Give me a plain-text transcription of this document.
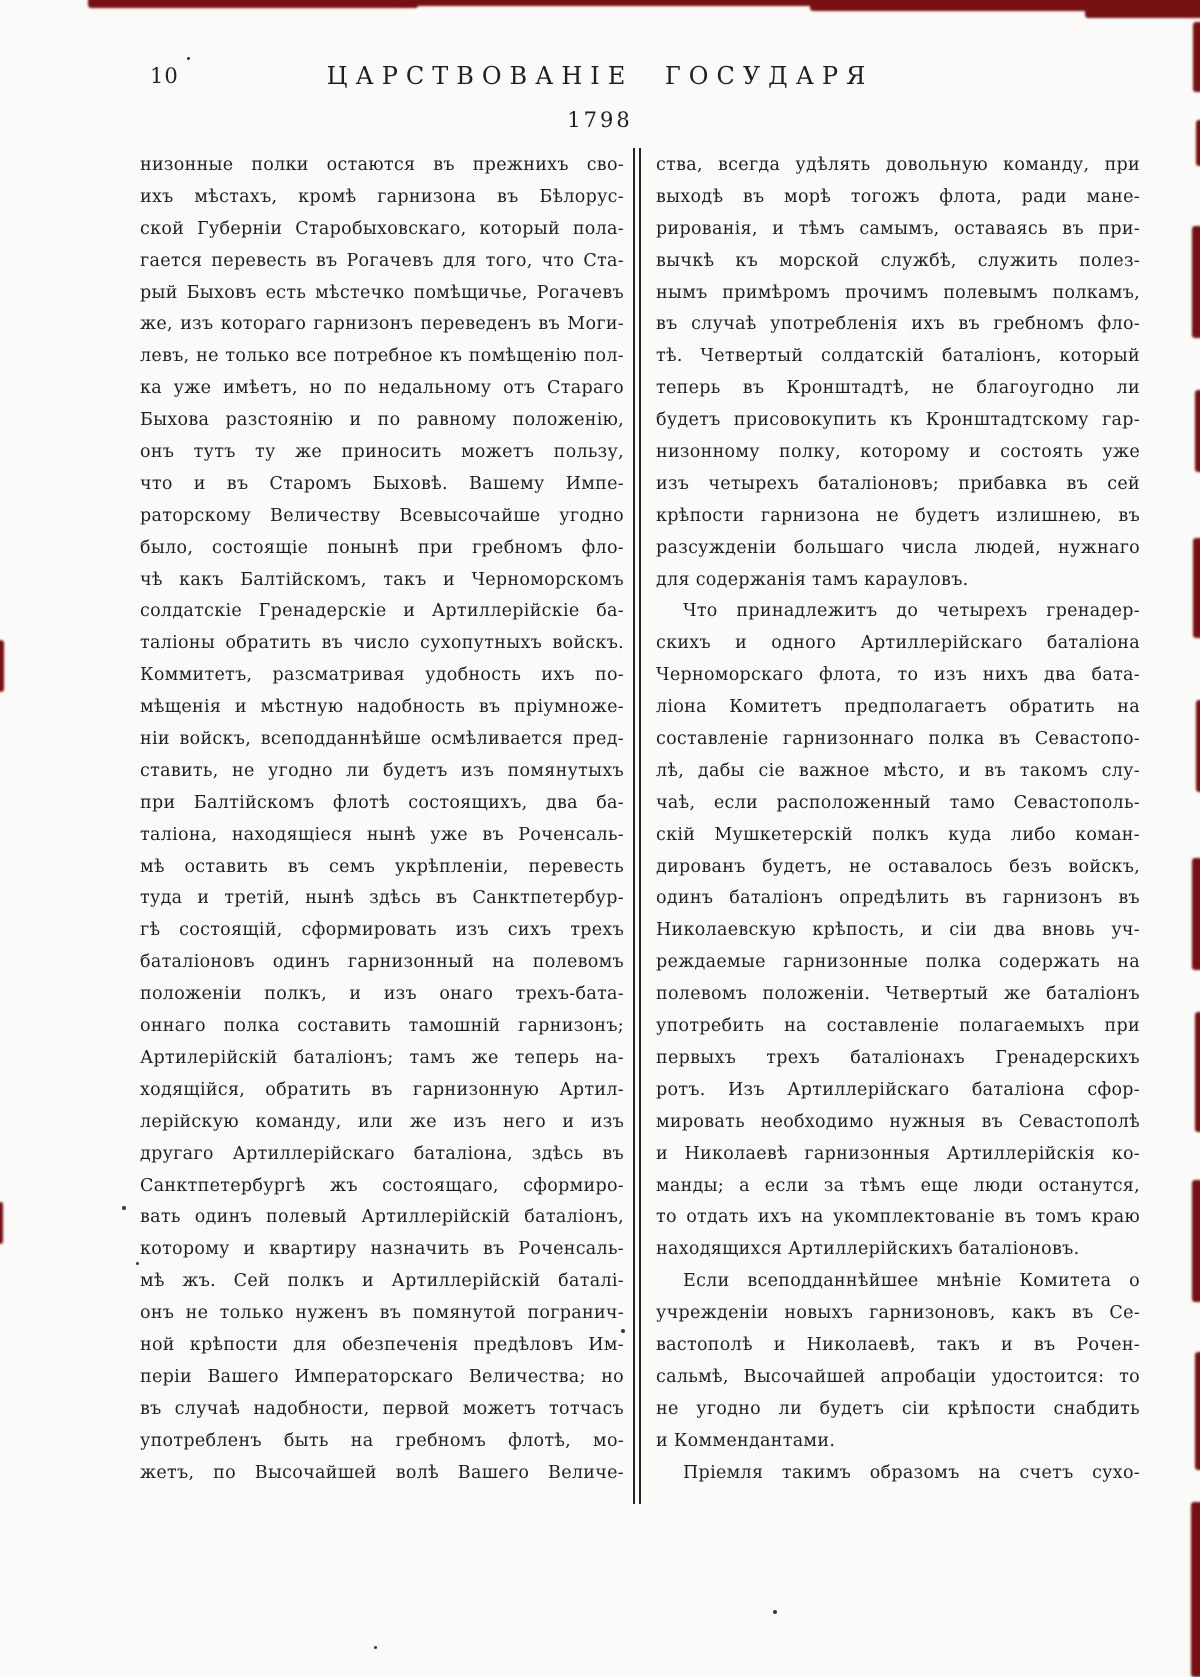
10	ЦАРСТВОВАНІЕ ГОСУДАРЯ
1798
низонные полки остаются въ прежнихъ сво-
ихъ мѣстахъ, кромѣ гарнизона въ Бѣлорус-
ской Губерніи Старобыховскаго, который пола-
гается перевесть въ Рогачевъ для того, что Ста-
рый Быховъ есть мѣстечко помѣщичье, Рогачевъ
же, изъ котораго гарнизонъ переведенъ въ Моги-
левъ, не только все потребное къ помѣщенію пол-
ка уже имѣетъ, но по недальному отъ Стараго
Быхова разстоянію и по равному положенію,
онъ тутъ ту же приносить можетъ пользу,
что и въ Старомъ Быховѣ. Вашему Импе-
раторскому Величеству Всевысочайше угодно
было, состоящіе понынѣ при гребномъ фло-
чѣ какъ Балтійскомъ, такъ и Черноморскомъ
солдатскіе Гренадерскіе и Артиллерійскіе ба-
таліоны обратить въ число сухопутныхъ войскъ.
Коммитетъ, разсматривая удобность ихъ по-
мѣщенія и мѣстную надобность въ пріумноже-
ніи войскъ, всеподданнѣйше осмѣливается пред-
ставить, не угодно ли будетъ изъ помянутыхъ
при Балтійскомъ флотѣ состоящихъ, два ба-
таліона, находящіеся нынѣ уже въ Роченсаль-
мѣ оставить въ семъ укрѣпленіи, перевесть
туда и третій, нынѣ здѣсь въ Санктпетербур-
гѣ состоящій, сформировать изъ сихъ трехъ
баталіоновъ одинъ гарнизонный на полевомъ
положеніи полкъ, и изъ онаго трехъ-бата-
оннаго полка составить тамошній гарнизонъ;
Артилерійскій баталіонъ; тамъ же теперь на-
ходящійся, обратить въ гарнизонную Артил-
лерійскую команду, или же изъ него и изъ
другаго Артиллерійскаго баталіона, здѣсь въ
Санктпетербургѣ жъ состоящаго, сформиро-
вать одинъ полевый Артиллерійскій баталіонъ,
которому и квартиру назначить въ Роченсаль-
мѣ жъ. Сей полкъ и Артиллерійскій баталі-
онъ не только нуженъ въ помянутой погранич-
ной крѣпости для обезпеченія предѣловъ Им-
періи Вашего Императорскаго Величества; но
въ случаѣ надобности, первой можетъ тотчасъ
употребленъ быть на гребномъ флотѣ, мо-
жетъ, по Высочайшей волѣ Вашего Величе-
ства, всегда удѣлять довольную команду, при
выходѣ въ морѣ тогожъ флота, ради мане-
рированія, и тѣмъ самымъ, оставаясь въ при-
вычкѣ къ морской службѣ, служить полез-
нымъ примѣромъ прочимъ полевымъ полкамъ,
въ случаѣ употребленія ихъ въ гребномъ фло-
тѣ. Четвертый солдатскій баталіонъ, который
теперь въ Кронштадтѣ, не благоугодно ли
будетъ присовокупить къ Кронштадтскому гар-
низонному полку, которому и состоять уже
изъ четырехъ баталіоновъ; прибавка въ сей
крѣпости гарнизона не будетъ излишнею, въ
разсужденіи большаго числа людей, нужнаго
для содержанія тамъ карауловъ.
Что принадлежитъ до четырехъ гренадер-
скихъ и одного Артиллерійскаго баталіона
Черноморскаго флота, то изъ нихъ два бата-
ліона Комитетъ предполагаетъ обратить на
составленіе гарнизоннаго полка въ Севастопо-
лѣ, дабы сіе важное мѣсто, и въ такомъ слу-
чаѣ, если расположенный тамо Севастополь-
скій Мушкетерскій полкъ куда либо коман-
дированъ будетъ, не оставалось безъ войскъ,
одинъ баталіонъ опредѣлить въ гарнизонъ въ
Николаевскую крѣпость, и сіи два вновь уч-
реждаемые гарнизонные полка содержать на
полевомъ положеніи. Четвертый же баталіонъ
употребить на составленіе полагаемыхъ при
первыхъ трехъ баталіонахъ Гренадерскихъ
ротъ. Изъ Артиллерійскаго баталіона сфор-
мировать необходимо нужныя въ Севастополѣ
и Николаевѣ гарнизонныя Артиллерійскія ко-
манды; а если за тѣмъ еще люди останутся,
то отдать ихъ на укомплектованіе въ томъ краю
находящихся Артиллерійскихъ баталіоновъ.
Если всеподданнѣйшее мнѣніе Комитета о
учрежденіи новыхъ гарнизоновъ, какъ въ Се-
вастополѣ и Николаевѣ, такъ и въ Рочен-
сальмѣ, Высочайшей апробаціи удостоится: то
не угодно ли будетъ сіи крѣпости снабдить
и Коммендантами.
Пріемля такимъ образомъ на счетъ сухо-
